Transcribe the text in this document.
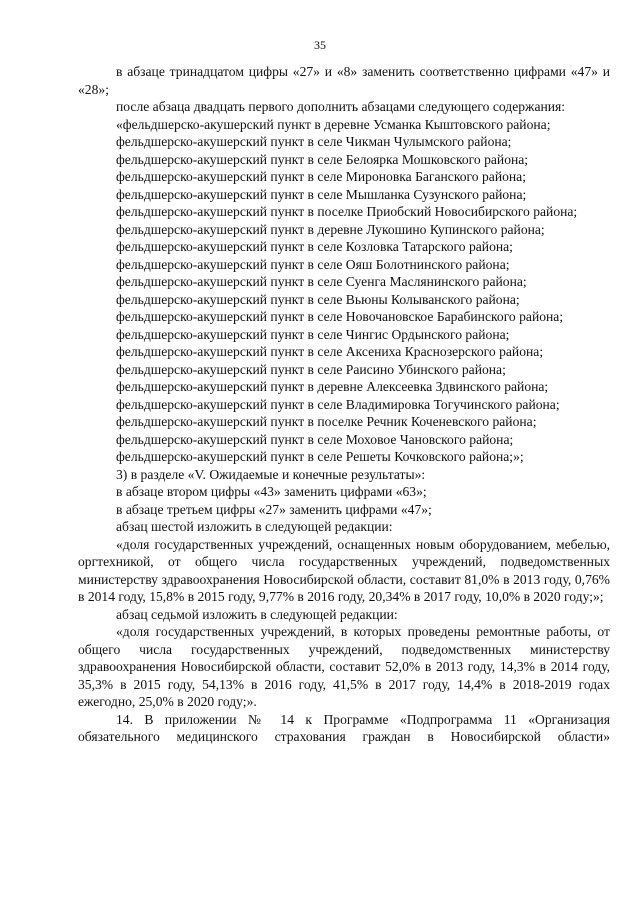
35

в абзаце тринадцатом цифры «27» и «8» заменить соответственно цифрами «47» и «28»;

после абзаца двадцать первого дополнить абзацами следующего содержания:

«фельдшерско-акушерский пункт в деревне Усманка Кыштовского района;

фельдшерско-акушерский пункт в селе Чикман Чулымского района;

фельдшерско-акушерский пункт в селе Белоярка Мошковского района;

фельдшерско-акушерский пункт в селе Мироновка Баганского района;

фельдшерско-акушерский пункт в селе Мышланка Сузунского района;

фельдшерско-акушерский пункт в поселке Приобский Новосибирского района;

фельдшерско-акушерский пункт в деревне Лукошино Купинского района;

фельдшерско-акушерский пункт в селе Козловка Татарского района;

фельдшерско-акушерский пункт в селе Ояш Болотнинского района;

фельдшерско-акушерский пункт в селе Суенга Маслянинского района;

фельдшерско-акушерский пункт в селе Вьюны Колыванского района;

фельдшерско-акушерский пункт в селе Новочановское Барабинского района;

фельдшерско-акушерский пункт в селе Чингис Ордынского района;

фельдшерско-акушерский пункт в селе Аксениха Краснозерского района;

фельдшерско-акушерский пункт в селе Раисино Убинского района;

фельдшерско-акушерский пункт в деревне Алексеевка Здвинского района;

фельдшерско-акушерский пункт в селе Владимировка Тогучинского района;

фельдшерско-акушерский пункт в поселке Речник Коченевского района;

фельдшерско-акушерский пункт в селе Моховое Чановского района;

фельдшерско-акушерский пункт в селе Решеты Кочковского района;»;

3) в разделе «V. Ожидаемые и конечные результаты»:

в абзаце втором цифры «43» заменить цифрами «63»;

в абзаце третьем цифры «27» заменить цифрами «47»;

абзац шестой изложить в следующей редакции:

«доля государственных учреждений, оснащенных новым оборудованием, мебелью, оргтехникой, от общего числа государственных учреждений, подведомственных министерству здравоохранения Новосибирской области, составит 81,0% в 2013 году, 0,76% в 2014 году, 15,8% в 2015 году, 9,77% в 2016 году, 20,34% в 2017 году, 10,0% в 2020 году;»;

абзац седьмой изложить в следующей редакции:

«доля государственных учреждений, в которых проведены ремонтные работы, от общего числа государственных учреждений, подведомственных министерству здравоохранения Новосибирской области, составит 52,0% в 2013 году, 14,3% в 2014 году, 35,3% в 2015 году, 54,13% в 2016 году, 41,5% в 2017 году, 14,4% в 2018-2019 годах ежегодно, 25,0% в 2020 году;».

14. В приложении № 14 к Программе «Подпрограмма 11 «Организация обязательного медицинского страхования граждан в Новосибирской области»
